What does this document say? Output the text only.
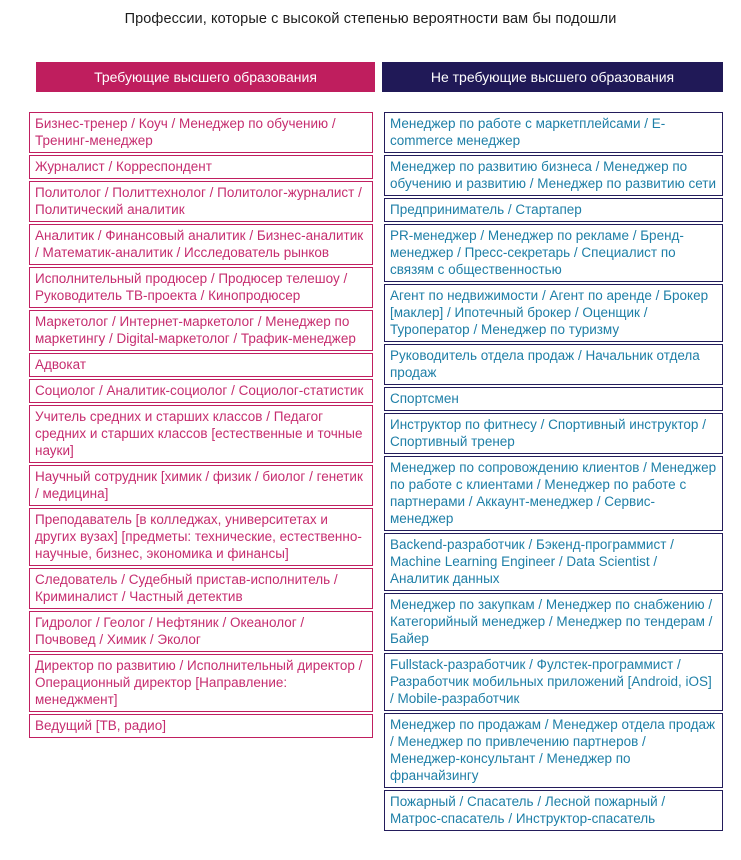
Профессии, которые с высокой степенью вероятности вам бы подошли
Требующие высшего образования	Не требующие высшего образования
Бизнес-тренер / Коуч / Менеджер по обучению / Тренинг-менеджер
Журналист / Корреспондент
Политолог / Политтехнолог / Политолог-журналист / Политический аналитик
Аналитик / Финансовый аналитик / Бизнес-аналитик / Математик-аналитик / Исследователь рынков
Исполнительный продюсер / Продюсер телешоу / Руководитель ТВ-проекта / Кинопродюсер
Маркетолог / Интернет-маркетолог / Менеджер по маркетингу / Digital-маркетолог / Трафик-менеджер
Адвокат
Социолог / Аналитик-социолог / Социолог-статистик
Учитель средних и старших классов / Педагог средних и старших классов [естественные и точные науки]
Научный сотрудник [химик / физик / биолог / генетик / медицина]
Преподаватель [в колледжах, университетах и других вузах] [предметы: технические, естественно-научные, бизнес, экономика и финансы]
Следователь / Судебный пристав-исполнитель / Криминалист / Частный детектив
Гидролог / Геолог / Нефтяник / Океанолог / Почвовед / Химик / Эколог
Директор по развитию / Исполнительный директор / Операционный директор [Направление: менеджмент]
Ведущий [ТВ, радио]
Менеджер по работе с маркетплейсами / E-commerce менеджер
Менеджер по развитию бизнеса / Менеджер по обучению и развитию / Менеджер по развитию сети
Предприниматель / Стартапер
PR-менеджер / Менеджер по рекламе / Бренд-менеджер / Пресс-секретарь / Специалист по связям с общественностью
Агент по недвижимости / Агент по аренде / Брокер [маклер] / Ипотечный брокер / Оценщик / Туроператор / Менеджер по туризму
Руководитель отдела продаж / Начальник отдела продаж
Спортсмен
Инструктор по фитнесу / Спортивный инструктор / Спортивный тренер
Менеджер по сопровождению клиентов / Менеджер по работе с клиентами / Менеджер по работе с партнерами / Аккаунт-менеджер / Сервис-менеджер
Backend-разработчик / Бэкенд-программист / Machine Learning Engineer / Data Scientist / Аналитик данных
Менеджер по закупкам / Менеджер по снабжению / Категорийный менеджер / Менеджер по тендерам / Байер
Fullstack-разработчик / Фулстек-программист / Разработчик мобильных приложений [Android, iOS] / Mobile-разработчик
Менеджер по продажам / Менеджер отдела продаж / Менеджер по привлечению партнеров / Менеджер-консультант / Менеджер по франчайзингу
Пожарный / Спасатель / Лесной пожарный / Матрос-спасатель / Инструктор-спасатель
